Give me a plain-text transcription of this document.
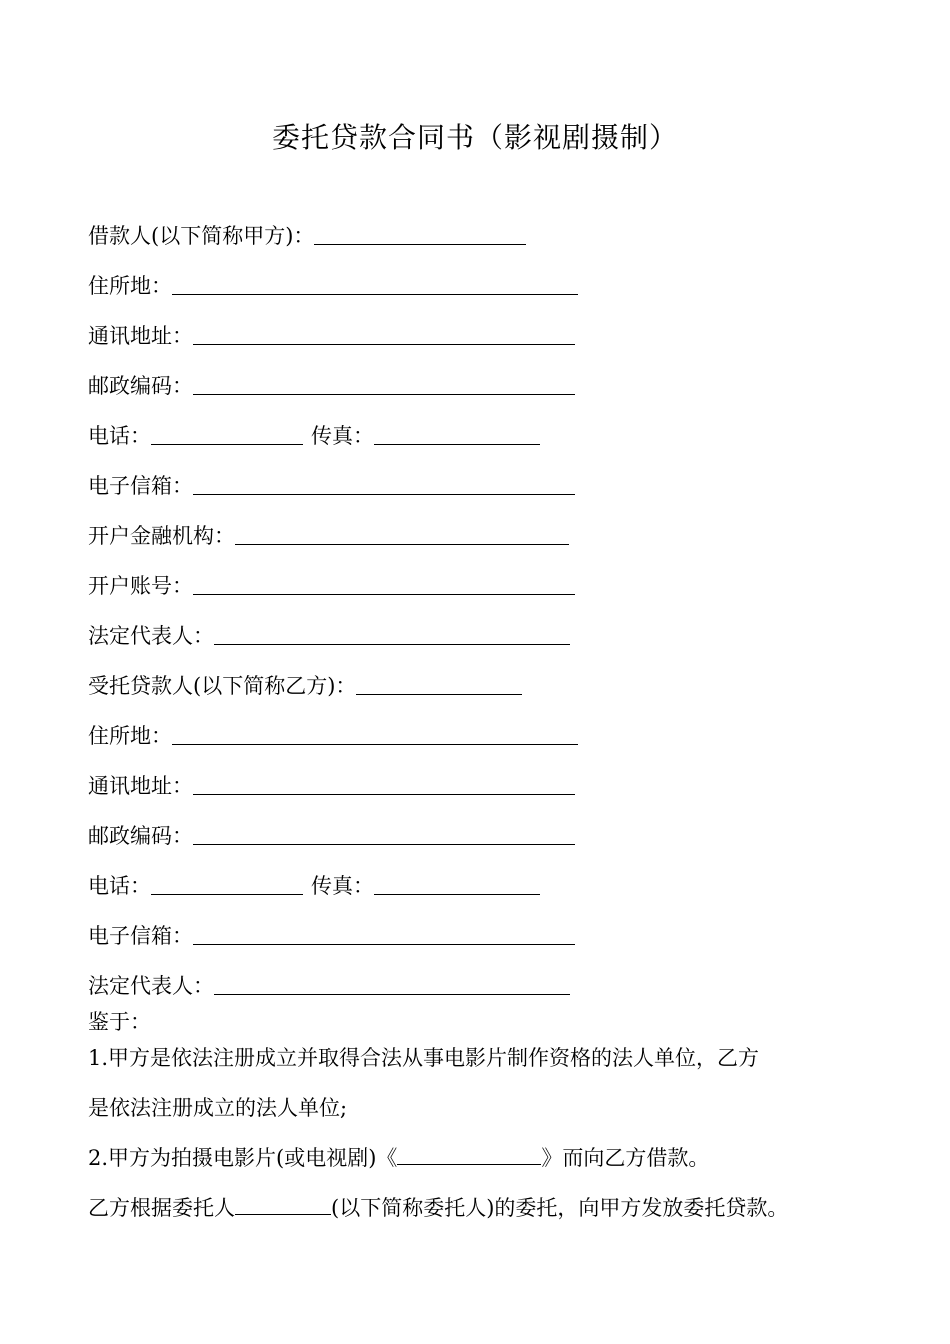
委托贷款合同书（影视剧摄制）
借款人(以下简称甲方)：
住所地：
通讯地址：
邮政编码：
电话：	传真：
电子信箱：
开户金融机构：
开户账号：
法定代表人：
受托贷款人(以下简称乙方)：
住所地：
通讯地址：
邮政编码：
电话：	传真：
电子信箱：
法定代表人：
鉴于：
1.甲方是依法注册成立并取得合法从事电影片制作资格的法人单位，乙方
是依法注册成立的法人单位;
2.甲方为拍摄电影片(或电视剧)《	》而向乙方借款。
乙方根据委托人	(以下简称委托人)的委托，向甲方发放委托贷款。
